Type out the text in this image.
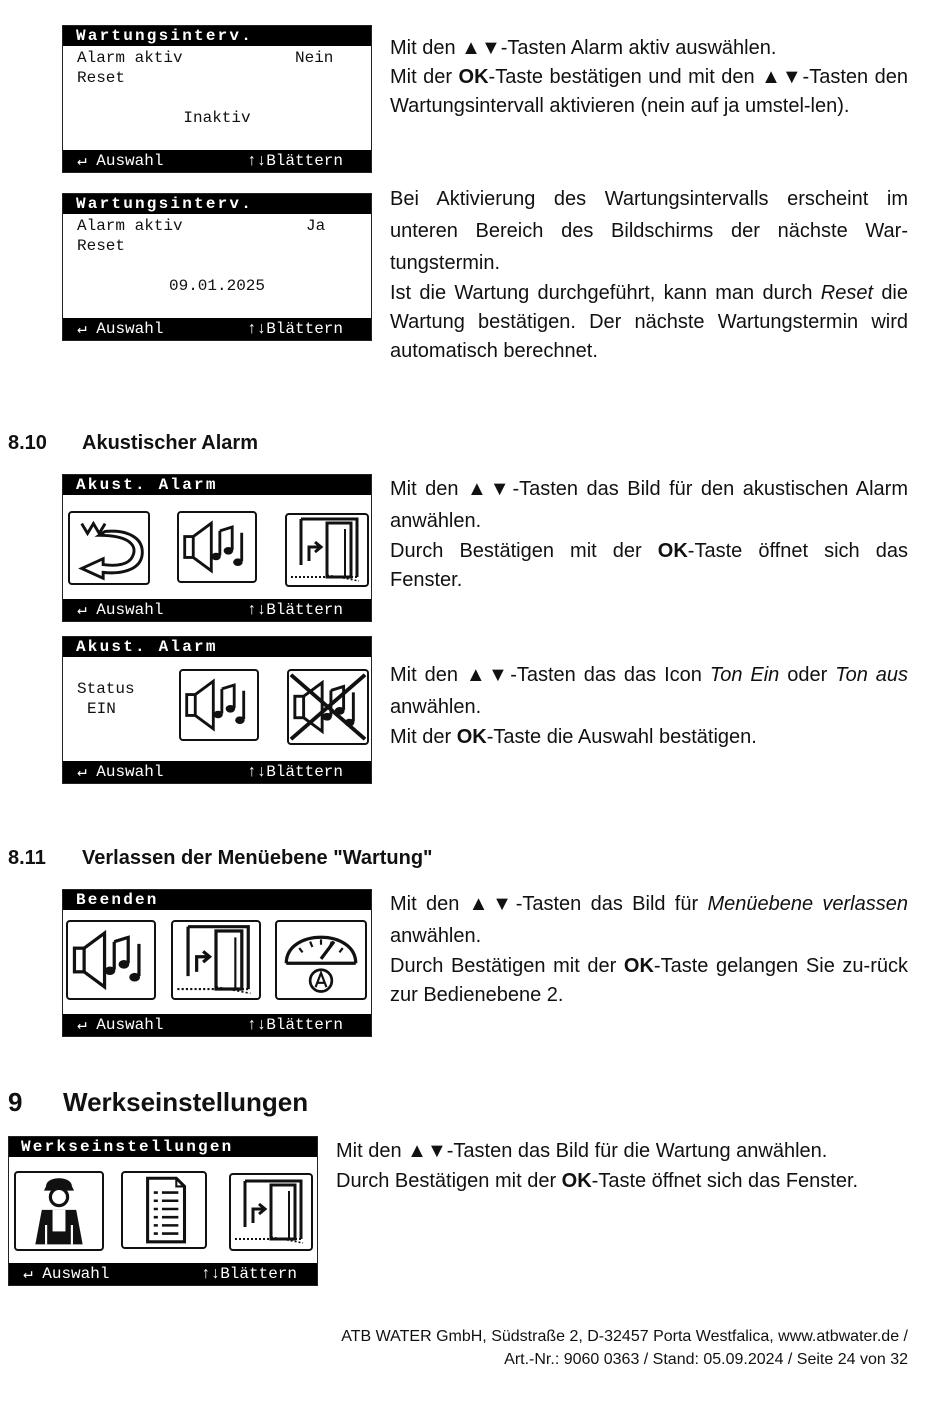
Wartungsinterv.
Alarm aktiv	Nein
Reset
Inaktiv
↵ Auswahl	↑↓Blättern
Wartungsinterv.
Alarm aktiv	Ja
Reset
09.01.2025
↵ Auswahl	↑↓Blättern

Mit den ▲▼-Tasten Alarm aktiv auswählen.

Mit der OK-Taste bestätigen und mit den ▲▼-Tasten den Wartungsintervall aktivieren (nein auf ja umstel-len).

Bei Aktivierung des Wartungsintervalls erscheint im unteren Bereich des Bildschirms der nächste War-tungstermin.

Ist die Wartung durchgeführt, kann man durch Reset die Wartung bestätigen. Der nächste Wartungstermin wird automatisch berechnet.

8.10 Akustischer Alarm
Akust. Alarm
↵ Auswahl	↑↓Blättern

Mit den ▲▼-Tasten das Bild für den akustischen Alarm anwählen.

Durch Bestätigen mit der OK-Taste öffnet sich das Fenster.

Akust. Alarm
Status
EIN
↵ Auswahl	↑↓Blättern

Mit den ▲▼-Tasten das das Icon Ton Ein oder Ton aus anwählen.

Mit der OK-Taste die Auswahl bestätigen.

8.11 Verlassen der Menüebene "Wartung"
Beenden
↵ Auswahl	↑↓Blättern

Mit den ▲▼-Tasten das Bild für Menüebene verlassen anwählen.

Durch Bestätigen mit der OK-Taste gelangen Sie zu-rück zur Bedienebene 2.

9 Werkseinstellungen
Werkseinstellungen
↵ Auswahl	↑↓Blättern

Mit den ▲▼-Tasten das Bild für die Wartung anwählen.

Durch Bestätigen mit der OK-Taste öffnet sich das Fenster.

ATB WATER GmbH, Südstraße 2, D-32457 Porta Westfalica, www.atbwater.de /
Art.-Nr.: 9060 0363 / Stand: 05.09.2024 / Seite 24 von 32
